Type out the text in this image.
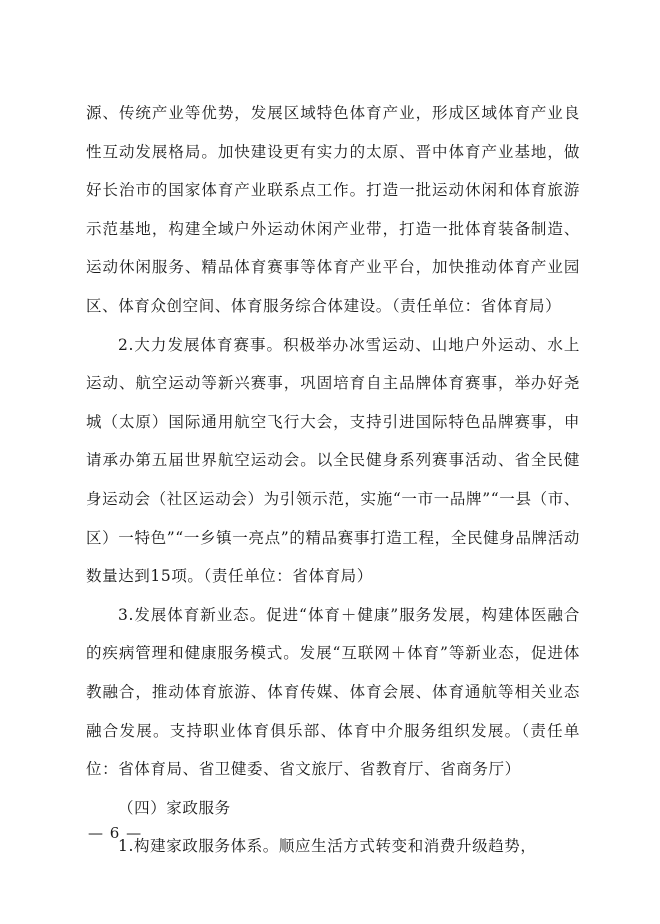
源、传统产业等优势，发展区域特色体育产业，形成区域体育产业良性互动发展格局。加快建设更有实力的太原、晋中体育产业基地，做好长治市的国家体育产业联系点工作。打造一批运动休闲和体育旅游示范基地，构建全域户外运动休闲产业带，打造一批体育装备制造、运动休闲服务、精品体育赛事等体育产业平台，加快推动体育产业园区、体育众创空间、体育服务综合体建设。（责任单位：省体育局）

2.大力发展体育赛事。积极举办冰雪运动、山地户外运动、水上运动、航空运动等新兴赛事，巩固培育自主品牌体育赛事，举办好尧城（太原）国际通用航空飞行大会，支持引进国际特色品牌赛事，申请承办第五届世界航空运动会。以全民健身系列赛事活动、省全民健身运动会（社区运动会）为引领示范，实施“一市一品牌”“一县（市、区）一特色”“一乡镇一亮点”的精品赛事打造工程，全民健身品牌活动数量达到15项。（责任单位：省体育局）

3.发展体育新业态。促进“体育＋健康”服务发展，构建体医融合的疾病管理和健康服务模式。发展“互联网＋体育”等新业态，促进体教融合，推动体育旅游、体育传媒、体育会展、体育通航等相关业态融合发展。支持职业体育俱乐部、体育中介服务组织发展。（责任单位：省体育局、省卫健委、省文旅厅、省教育厅、省商务厅）

（四）家政服务

1.构建家政服务体系。顺应生活方式转变和消费升级趋势，

— 6 —
